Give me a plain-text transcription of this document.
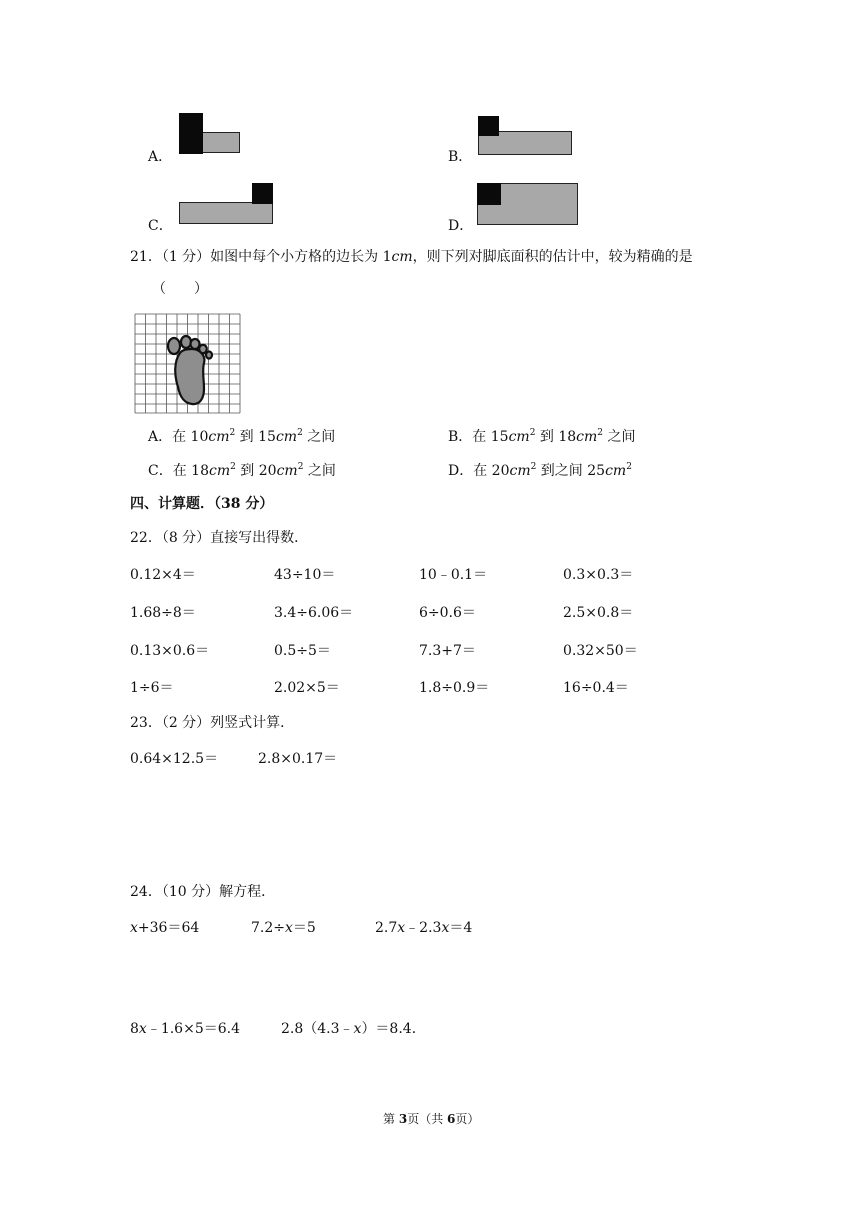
A．	B．
C．	D．
21．（1 分）如图中每个小方格的边长为 1cm，则下列对脚底面积的估计中，较为精确的是
（　　）
A．在 $10cm^2$ 到 $15cm^2$ 之间	B．在 $15cm^2$ 到 $18cm^2$ 之间
C．在 $18cm^2$ 到 $20cm^2$ 之间	D．在 $20cm^2$ 到之间 $25cm^2$
四、计算题．（38 分）
22．（8 分）直接写出得数．
0.12×4＝	43÷10＝	10﹣0.1＝	0.3×0.3＝
1.68÷8＝	3.4÷6.06＝	6÷0.6＝	2.5×0.8＝
0.13×0.6＝	0.5÷5＝	7.3+7＝	0.32×50＝
1÷6＝	2.02×5＝	1.8÷0.9＝	16÷0.4＝
23．（2 分）列竖式计算．
0.64×12.5＝	2.8×0.17＝
24．（10 分）解方程．
x+36＝64	7.2÷x＝5	2.7x﹣2.3x＝4
8x﹣1.6×5＝6.4	2.8（4.3﹣x）＝8.4．
第 3页（共 6页）
